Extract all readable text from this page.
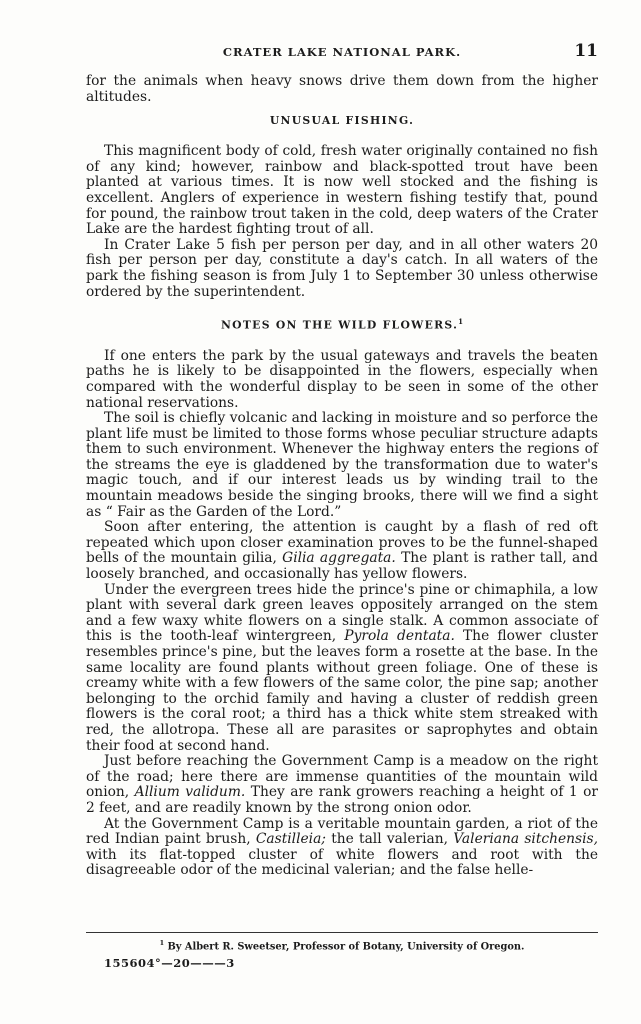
CRATER LAKE NATIONAL PARK.	11

for the animals when heavy snows drive them down from the higher altitudes.

UNUSUAL FISHING.

This magnificent body of cold, fresh water originally contained no fish of any kind; however, rainbow and black-spotted trout have been planted at various times. It is now well stocked and the fishing is excellent. Anglers of experience in western fishing testify that, pound for pound, the rainbow trout taken in the cold, deep waters of the Crater Lake are the hardest fighting trout of all.

In Crater Lake 5 fish per person per day, and in all other waters 20 fish per person per day, constitute a day's catch. In all waters of the park the fishing season is from July 1 to September 30 unless otherwise ordered by the superintendent.

NOTES ON THE WILD FLOWERS.$^1$

If one enters the park by the usual gateways and travels the beaten paths he is likely to be disappointed in the flowers, especially when compared with the wonderful display to be seen in some of the other national reservations.

The soil is chiefly volcanic and lacking in moisture and so perforce the plant life must be limited to those forms whose peculiar structure adapts them to such environment. Whenever the highway enters the regions of the streams the eye is gladdened by the transformation due to water's magic touch, and if our interest leads us by winding trail to the mountain meadows beside the singing brooks, there will we find a sight as “ Fair as the Garden of the Lord.”

Soon after entering, the attention is caught by a flash of red oft repeated which upon closer examination proves to be the funnel-shaped bells of the mountain gilia, Gilia aggregata. The plant is rather tall, and loosely branched, and occasionally has yellow flowers.

Under the evergreen trees hide the prince's pine or chimaphila, a low plant with several dark green leaves oppositely arranged on the stem and a few waxy white flowers on a single stalk. A common associate of this is the tooth-leaf wintergreen, Pyrola dentata. The flower cluster resembles prince's pine, but the leaves form a rosette at the base. In the same locality are found plants without green foliage. One of these is creamy white with a few flowers of the same color, the pine sap; another belonging to the orchid family and having a cluster of reddish green flowers is the coral root; a third has a thick white stem streaked with red, the allotropa. These all are parasites or saprophytes and obtain their food at second hand.

Just before reaching the Government Camp is a meadow on the right of the road; here there are immense quantities of the mountain wild onion, Allium validum. They are rank growers reaching a height of 1 or 2 feet, and are readily known by the strong onion odor.

At the Government Camp is a veritable mountain garden, a riot of the red Indian paint brush, Castilleia; the tall valerian, Valeriana sitchensis, with its flat-topped cluster of white flowers and root with the disagreeable odor of the medicinal valerian; and the false helle-

$^1$ By Albert R. Sweetser, Professor of Botany, University of Oregon.
155604°—20———3
